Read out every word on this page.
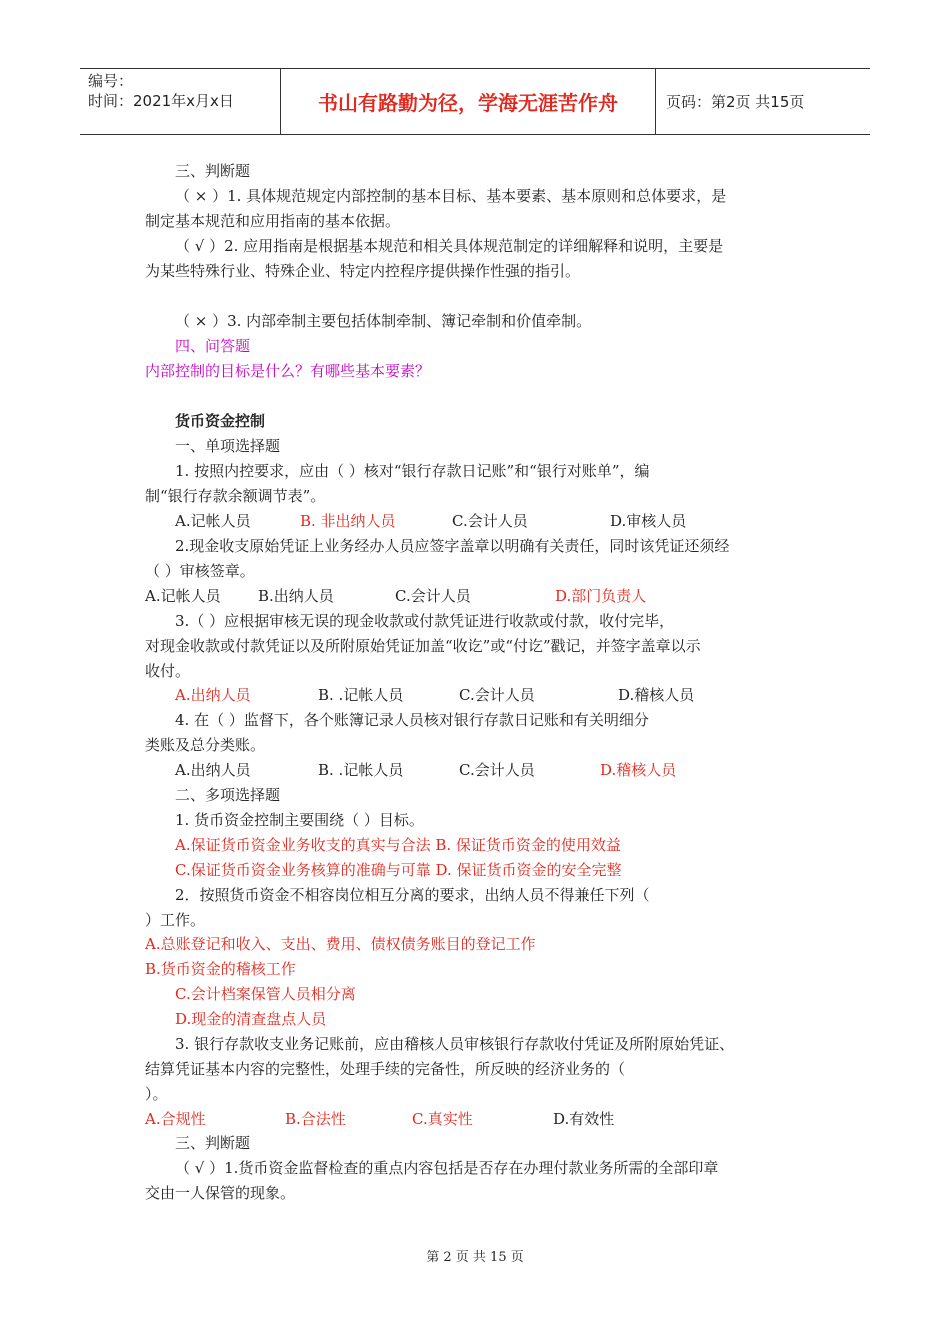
编号：
时间：2021年x月x日	书山有路勤为径，学海无涯苦作舟	页码：第2页 共15页
三、判断题
（ × ）1. 具体规范规定内部控制的基本目标、基本要素、基本原则和总体要求，是
制定基本规范和应用指南的基本依据。
（ √ ）2. 应用指南是根据基本规范和相关具体规范制定的详细解释和说明，主要是
为某些特殊行业、特殊企业、特定内控程序提供操作性强的指引。
（ × ）3. 内部牵制主要包括体制牵制、簿记牵制和价值牵制。
四、问答题
内部控制的目标是什么？有哪些基本要素？
货币资金控制
一、单项选择题
1. 按照内控要求，应由（ ）核对“银行存款日记账”和“银行对账单”，编
制“银行存款余额调节表”。
2.现金收支原始凭证上业务经办人员应签字盖章以明确有关责任，同时该凭证还须经
（ ）审核签章。
3.（ ）应根据审核无误的现金收款或付款凭证进行收款或付款，收付完毕，
对现金收款或付款凭证以及所附原始凭证加盖“收讫”或“付讫”戳记，并签字盖章以示
收付。
4. 在（ ）监督下，各个账簿记录人员核对银行存款日记账和有关明细分
类账及总分类账。
二、多项选择题
1. 货币资金控制主要围绕（ ）目标。
A.保证货币资金业务收支的真实与合法 B. 保证货币资金的使用效益
C.保证货币资金业务核算的准确与可靠 D. 保证货币资金的安全完整
2．按照货币资金不相容岗位相互分离的要求，出纳人员不得兼任下列（
）工作。
A.总账登记和收入、支出、费用、债权债务账目的登记工作
B.货币资金的稽核工作
C.会计档案保管人员相分离
D.现金的清查盘点人员
3. 银行存款收支业务记账前，应由稽核人员审核银行存款收付凭证及所附原始凭证、
结算凭证基本内容的完整性，处理手续的完备性，所反映的经济业务的（
）。
三、判断题
（ √ ）1.货币资金监督检查的重点内容包括是否存在办理付款业务所需的全部印章
交由一人保管的现象。
A.记帐人员	B. 非出纳人员	C.会计人员	D.审核人员
A.记帐人员 B.出纳人员	C.会计人员	D.部门负责人
A.出纳人员	B. .记帐人员	C.会计人员	D.稽核人员
A.出纳人员	B. .记帐人员	C.会计人员	D.稽核人员
A.合规性	B.合法性	C.真实性	D.有效性
第 2 页 共 15 页
